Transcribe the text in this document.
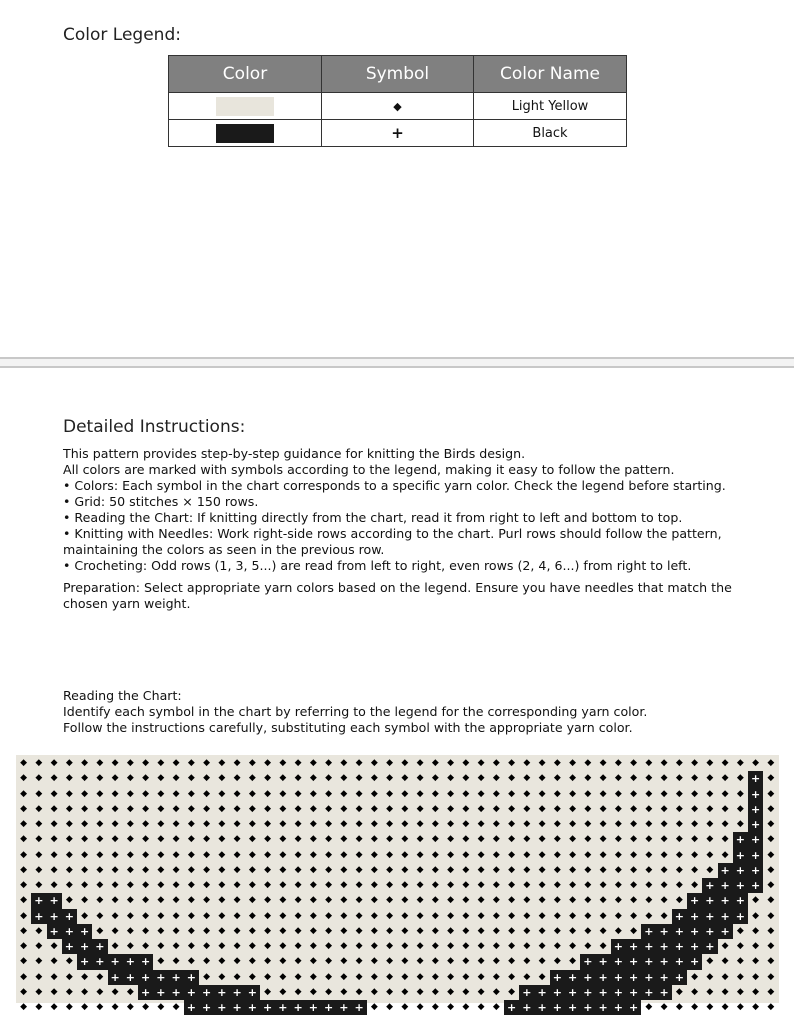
Color Legend:
Color	Symbol	Color Name
	◆	Light Yellow
	+	Black
Detailed Instructions:

This pattern provides step-by-step guidance for knitting the Birds design.

All colors are marked with symbols according to the legend, making it easy to follow the pattern.

• Colors: Each symbol in the chart corresponds to a specific yarn color. Check the legend before starting.

• Grid: 50 stitches × 150 rows.

• Reading the Chart: If knitting directly from the chart, read it from right to left and bottom to top.

• Knitting with Needles: Work right-side rows according to the chart. Purl rows should follow the pattern, maintaining the colors as seen in the previous row.

• Crocheting: Odd rows (1, 3, 5...) are read from left to right, even rows (2, 4, 6...) from right to left.

Preparation: Select appropriate yarn colors based on the legend. Ensure you have needles that match the chosen yarn weight.

Reading the Chart:

Identify each symbol in the chart by referring to the legend for the corresponding yarn color.

Follow the instructions carefully, substituting each symbol with the appropriate yarn color.

◆ ◆ ◆ ◆ ◆ ◆ ◆ ◆ ◆ ◆ ◆ ◆ ◆ ◆ ◆ ◆ ◆ ◆ ◆ ◆ ◆ ◆ ◆ ◆ ◆ ◆ ◆ ◆ ◆ ◆ ◆ ◆ ◆ ◆ ◆ ◆ ◆ ◆ ◆ ◆ ◆ ◆ ◆ ◆ ◆ ◆ ◆ ◆ ◆ ◆
◆ ◆ ◆ ◆ ◆ ◆ ◆ ◆ ◆ ◆ ◆ ◆ ◆ ◆ ◆ ◆ ◆ ◆ ◆ ◆ ◆ ◆ ◆ ◆ ◆ ◆ ◆ ◆ ◆ ◆ ◆ ◆ ◆ ◆ ◆ ◆ ◆ ◆ ◆ ◆ ◆ ◆ ◆ ◆ ◆ ◆ ◆ ◆ + ◆
◆ ◆ ◆ ◆ ◆ ◆ ◆ ◆ ◆ ◆ ◆ ◆ ◆ ◆ ◆ ◆ ◆ ◆ ◆ ◆ ◆ ◆ ◆ ◆ ◆ ◆ ◆ ◆ ◆ ◆ ◆ ◆ ◆ ◆ ◆ ◆ ◆ ◆ ◆ ◆ ◆ ◆ ◆ ◆ ◆ ◆ ◆ ◆ + ◆
◆ ◆ ◆ ◆ ◆ ◆ ◆ ◆ ◆ ◆ ◆ ◆ ◆ ◆ ◆ ◆ ◆ ◆ ◆ ◆ ◆ ◆ ◆ ◆ ◆ ◆ ◆ ◆ ◆ ◆ ◆ ◆ ◆ ◆ ◆ ◆ ◆ ◆ ◆ ◆ ◆ ◆ ◆ ◆ ◆ ◆ ◆ ◆ + ◆
◆ ◆ ◆ ◆ ◆ ◆ ◆ ◆ ◆ ◆ ◆ ◆ ◆ ◆ ◆ ◆ ◆ ◆ ◆ ◆ ◆ ◆ ◆ ◆ ◆ ◆ ◆ ◆ ◆ ◆ ◆ ◆ ◆ ◆ ◆ ◆ ◆ ◆ ◆ ◆ ◆ ◆ ◆ ◆ ◆ ◆ ◆ ◆ + ◆
◆ ◆ ◆ ◆ ◆ ◆ ◆ ◆ ◆ ◆ ◆ ◆ ◆ ◆ ◆ ◆ ◆ ◆ ◆ ◆ ◆ ◆ ◆ ◆ ◆ ◆ ◆ ◆ ◆ ◆ ◆ ◆ ◆ ◆ ◆ ◆ ◆ ◆ ◆ ◆ ◆ ◆ ◆ ◆ ◆ ◆ ◆ + + ◆
◆ ◆ ◆ ◆ ◆ ◆ ◆ ◆ ◆ ◆ ◆ ◆ ◆ ◆ ◆ ◆ ◆ ◆ ◆ ◆ ◆ ◆ ◆ ◆ ◆ ◆ ◆ ◆ ◆ ◆ ◆ ◆ ◆ ◆ ◆ ◆ ◆ ◆ ◆ ◆ ◆ ◆ ◆ ◆ ◆ ◆ ◆ + + ◆
◆ ◆ ◆ ◆ ◆ ◆ ◆ ◆ ◆ ◆ ◆ ◆ ◆ ◆ ◆ ◆ ◆ ◆ ◆ ◆ ◆ ◆ ◆ ◆ ◆ ◆ ◆ ◆ ◆ ◆ ◆ ◆ ◆ ◆ ◆ ◆ ◆ ◆ ◆ ◆ ◆ ◆ ◆ ◆ ◆ ◆ + + + ◆
◆ ◆ ◆ ◆ ◆ ◆ ◆ ◆ ◆ ◆ ◆ ◆ ◆ ◆ ◆ ◆ ◆ ◆ ◆ ◆ ◆ ◆ ◆ ◆ ◆ ◆ ◆ ◆ ◆ ◆ ◆ ◆ ◆ ◆ ◆ ◆ ◆ ◆ ◆ ◆ ◆ ◆ ◆ ◆ ◆ + + + + ◆
◆ + + ◆ ◆ ◆ ◆ ◆ ◆ ◆ ◆ ◆ ◆ ◆ ◆ ◆ ◆ ◆ ◆ ◆ ◆ ◆ ◆ ◆ ◆ ◆ ◆ ◆ ◆ ◆ ◆ ◆ ◆ ◆ ◆ ◆ ◆ ◆ ◆ ◆ ◆ ◆ ◆ ◆ + + + + ◆ ◆
◆ + + + ◆ ◆ ◆ ◆ ◆ ◆ ◆ ◆ ◆ ◆ ◆ ◆ ◆ ◆ ◆ ◆ ◆ ◆ ◆ ◆ ◆ ◆ ◆ ◆ ◆ ◆ ◆ ◆ ◆ ◆ ◆ ◆ ◆ ◆ ◆ ◆ ◆ ◆ ◆ + + + + + ◆ ◆
◆ ◆ + + + ◆ ◆ ◆ ◆ ◆ ◆ ◆ ◆ ◆ ◆ ◆ ◆ ◆ ◆ ◆ ◆ ◆ ◆ ◆ ◆ ◆ ◆ ◆ ◆ ◆ ◆ ◆ ◆ ◆ ◆ ◆ ◆ ◆ ◆ ◆ ◆ + + + + + + ◆ ◆ ◆
◆ ◆ ◆ + + + ◆ ◆ ◆ ◆ ◆ ◆ ◆ ◆ ◆ ◆ ◆ ◆ ◆ ◆ ◆ ◆ ◆ ◆ ◆ ◆ ◆ ◆ ◆ ◆ ◆ ◆ ◆ ◆ ◆ ◆ ◆ ◆ ◆ + + + + + + + ◆ ◆ ◆ ◆
◆ ◆ ◆ ◆ + + + + + ◆ ◆ ◆ ◆ ◆ ◆ ◆ ◆ ◆ ◆ ◆ ◆ ◆ ◆ ◆ ◆ ◆ ◆ ◆ ◆ ◆ ◆ ◆ ◆ ◆ ◆ ◆ ◆ + + + + + + + + ◆ ◆ ◆ ◆ ◆
◆ ◆ ◆ ◆ ◆ ◆ + + + + + + ◆ ◆ ◆ ◆ ◆ ◆ ◆ ◆ ◆ ◆ ◆ ◆ ◆ ◆ ◆ ◆ ◆ ◆ ◆ ◆ ◆ ◆ ◆ + + + + + + + + + ◆ ◆ ◆ ◆ ◆ ◆
◆ ◆ ◆ ◆ ◆ ◆ ◆ ◆ + + + + + + + + ◆ ◆ ◆ ◆ ◆ ◆ ◆ ◆ ◆ ◆ ◆ ◆ ◆ ◆ ◆ ◆ ◆ + + + + + + + + + + ◆ ◆ ◆ ◆ ◆ ◆ ◆
◆ ◆ ◆ ◆ ◆ ◆ ◆ ◆ ◆ ◆ ◆ + + + + + + + + + + + + ◆ ◆ ◆ ◆ ◆ ◆ ◆ ◆ ◆ + + + + + + + + + ◆ ◆ ◆ ◆ ◆ ◆ ◆ ◆ ◆
